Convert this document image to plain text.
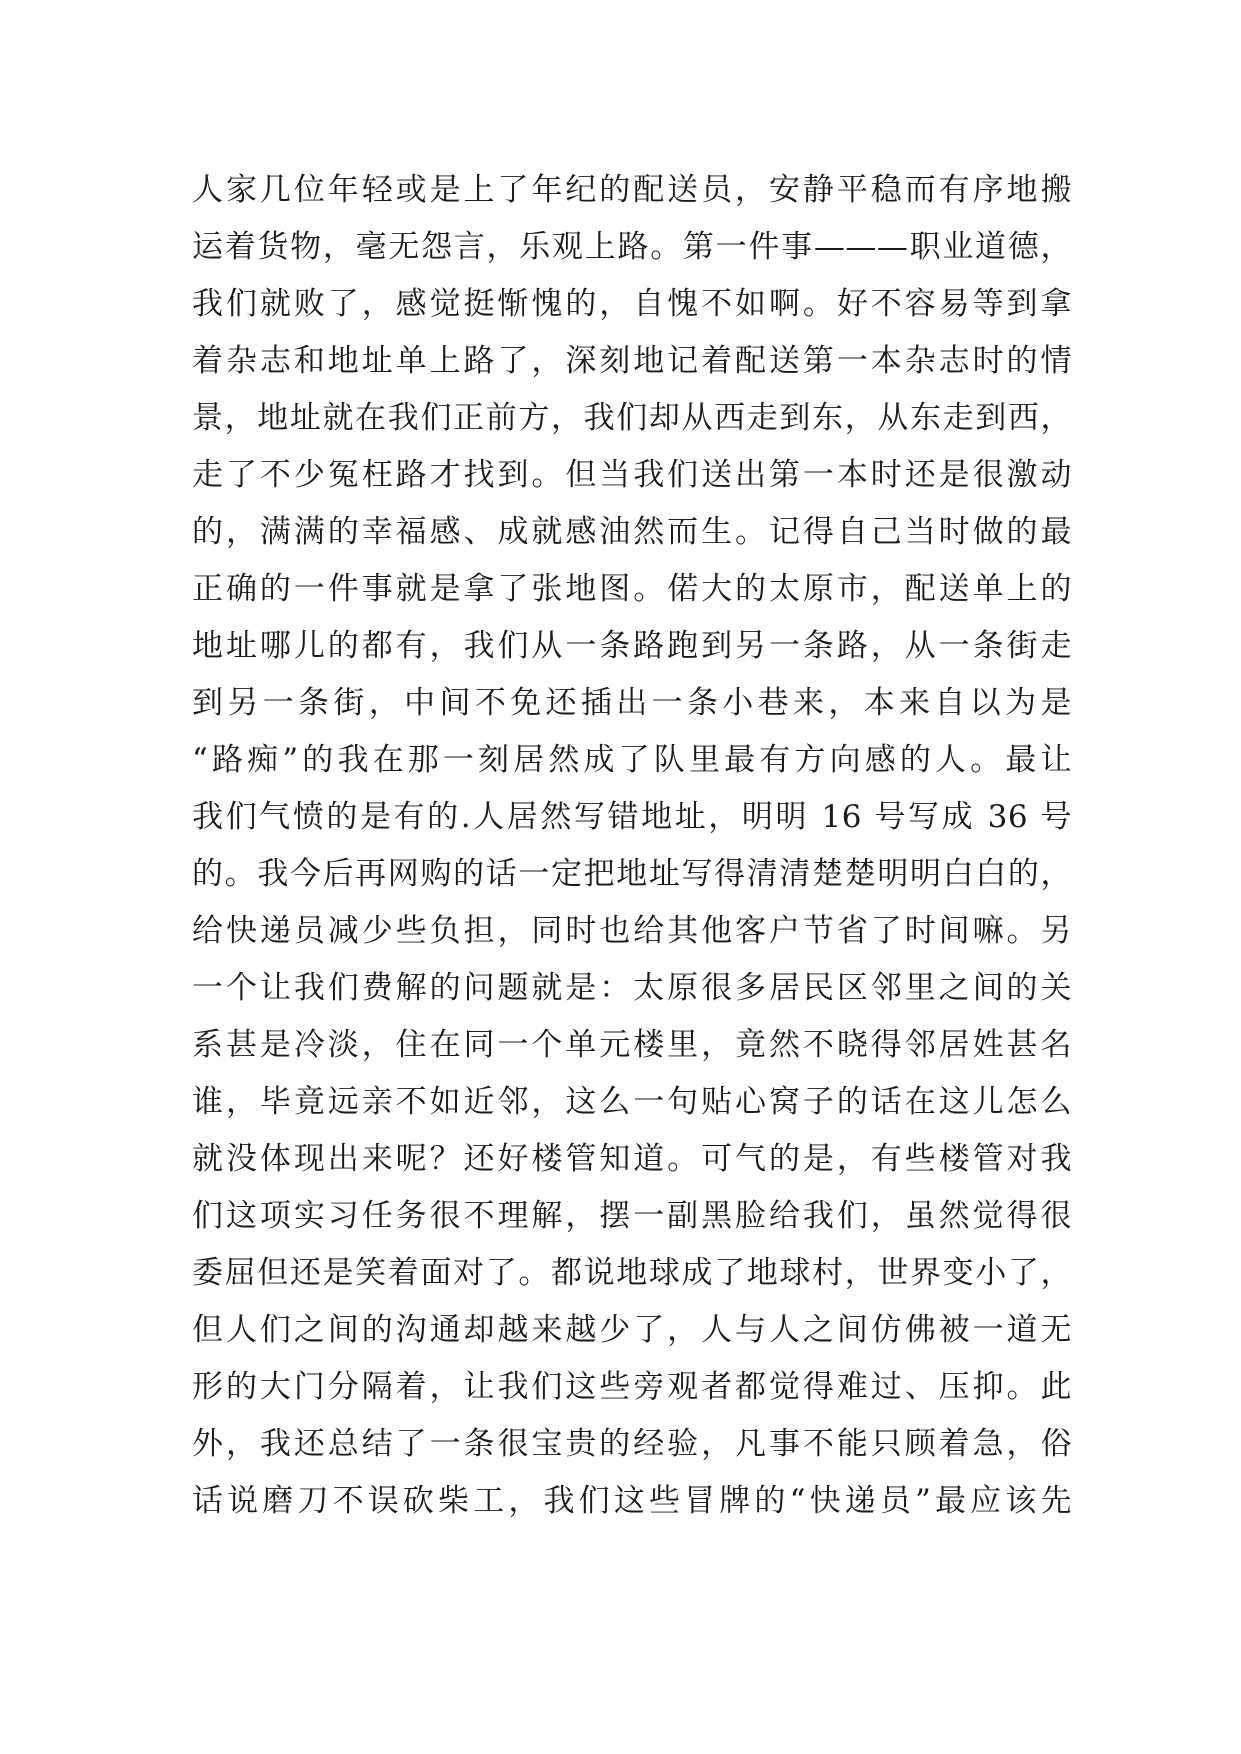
人家几位年轻或是上了年纪的配送员，安静平稳而有序地搬
运着货物，毫无怨言，乐观上路。第一件事———职业道德，
我们就败了，感觉挺惭愧的，自愧不如啊。好不容易等到拿
着杂志和地址单上路了，深刻地记着配送第一本杂志时的情
景，地址就在我们正前方，我们却从西走到东，从东走到西，
走了不少冤枉路才找到。但当我们送出第一本时还是很激动
的，满满的幸福感、成就感油然而生。记得自己当时做的最
正确的一件事就是拿了张地图。偌大的太原市，配送单上的
地址哪儿的都有，我们从一条路跑到另一条路，从一条街走
到另一条街，中间不免还插出一条小巷来，本来自以为是
“路痴”的我在那一刻居然成了队里最有方向感的人。最让
我们气愤的是有的.人居然写错地址，明明 16 号写成 36 号
的。我今后再网购的话一定把地址写得清清楚楚明明白白的，
给快递员减少些负担，同时也给其他客户节省了时间嘛。另
一个让我们费解的问题就是：太原很多居民区邻里之间的关
系甚是冷淡，住在同一个单元楼里，竟然不晓得邻居姓甚名
谁，毕竟远亲不如近邻，这么一句贴心窝子的话在这儿怎么
就没体现出来呢？还好楼管知道。可气的是，有些楼管对我
们这项实习任务很不理解，摆一副黑脸给我们，虽然觉得很
委屈但还是笑着面对了。都说地球成了地球村，世界变小了，
但人们之间的沟通却越来越少了，人与人之间仿佛被一道无
形的大门分隔着，让我们这些旁观者都觉得难过、压抑。此
外，我还总结了一条很宝贵的经验，凡事不能只顾着急，俗
话说磨刀不误砍柴工，我们这些冒牌的“快递员”最应该先
